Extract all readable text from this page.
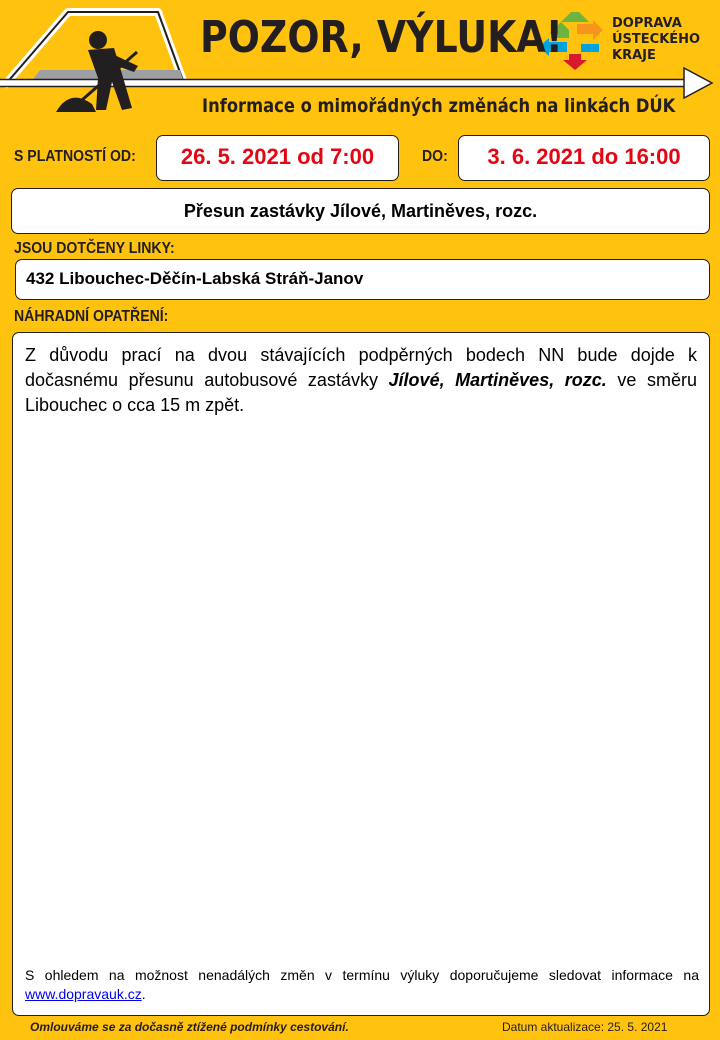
POZOR, VÝLUKA!
Informace o mimořádných změnách na linkách DÚK
DOPRAVA
ÚSTECKÉHO
KRAJE
S PLATNOSTÍ OD:	26. 5. 2021 od 7:00	DO:	3. 6. 2021 do 16:00
Přesun zastávky Jílové, Martiněves, rozc.
JSOU DOTČENY LINKY:
432 Libouchec-Děčín-Labská Stráň-Janov
NÁHRADNÍ OPATŘENÍ:
Z důvodu prací na dvou stávajících podpěrných bodech NN bude dojde k dočasnému přesunu autobusové zastávky Jílové, Martiněves, rozc. ve směru Libouchec o cca 15 m zpět.
S ohledem na možnost nenadálých změn v termínu výluky doporučujeme sledovat informace na www.dopravauk.cz.
Omlouváme se za dočasně ztížené podmínky cestování.	Datum aktualizace: 25. 5. 2021
